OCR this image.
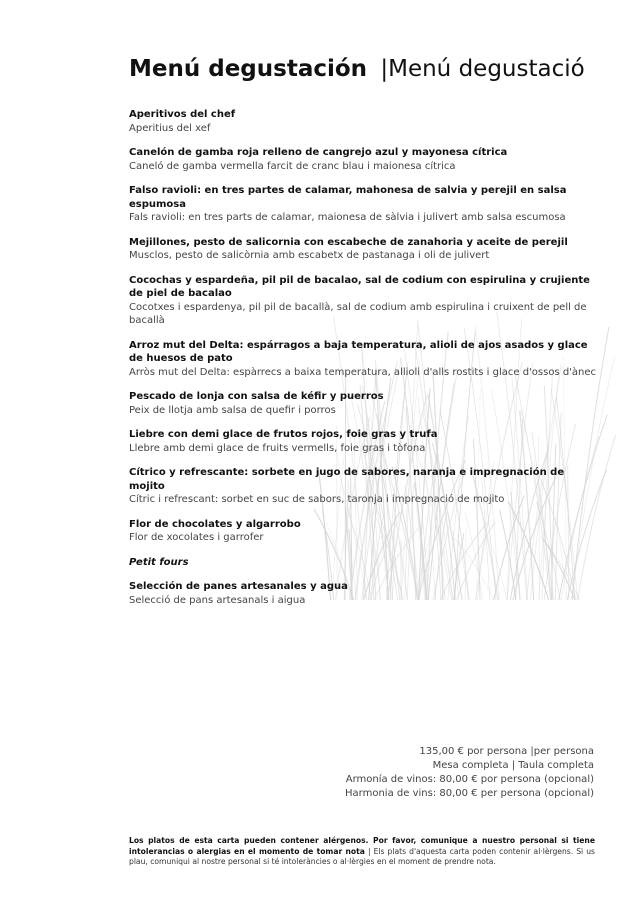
Menú degustación |Menú degustació
Aperitivos del chef
Aperitius del xef
Canelón de gamba roja relleno de cangrejo azul y mayonesa cítrica
Caneló de gamba vermella farcit de cranc blau i maionesa cítrica
Falso ravioli: en tres partes de calamar, mahonesa de salvia y perejil en salsa espumosa
Fals ravioli: en tres parts de calamar, maionesa de sàlvia i julivert amb salsa escumosa
Mejillones, pesto de salicornia con escabeche de zanahoria y aceite de perejil
Musclos, pesto de salicòrnia amb escabetx de pastanaga i oli de julivert
Cocochas y espardeña, pil pil de bacalao, sal de codium con espirulina y crujiente de piel de bacalao
Cocotxes i espardenya, pil pil de bacallà, sal de codium amb espirulina i cruixent de pell de bacallà
Arroz mut del Delta: espárragos a baja temperatura, alioli de ajos asados y glace de huesos de pato
Arròs mut del Delta: espàrrecs a baixa temperatura, allioli d'alls rostits i glace d'ossos d'ànec
Pescado de lonja con salsa de kéfir y puerros
Peix de llotja amb salsa de quefir i porros
Liebre con demi glace de frutos rojos, foie gras y trufa
Llebre amb demi glace de fruits vermells, foie gras i tòfona
Cítrico y refrescante: sorbete en jugo de sabores, naranja e impregnación de mojito
Cítric i refrescant: sorbet en suc de sabors, taronja i impregnació de mojito
Flor de chocolates y algarrobo
Flor de xocolates i garrofer
Petit fours
Selección de panes artesanales y agua
Selecció de pans artesanals i aigua
135,00 € por persona |per persona
Mesa completa | Taula completa
Armonía de vinos: 80,00 € por persona (opcional)
Harmonia de vins: 80,00 € per persona (opcional)
Los platos de esta carta pueden contener alérgenos. Por favor, comunique a nuestro personal si tiene intolerancias o alergias en el momento de tomar nota | Els plats d'aquesta carta poden contenir al·lèrgens. Si us plau, comuniqui al nostre personal si té intoleràncies o al·lèrgies en el moment de prendre nota.
